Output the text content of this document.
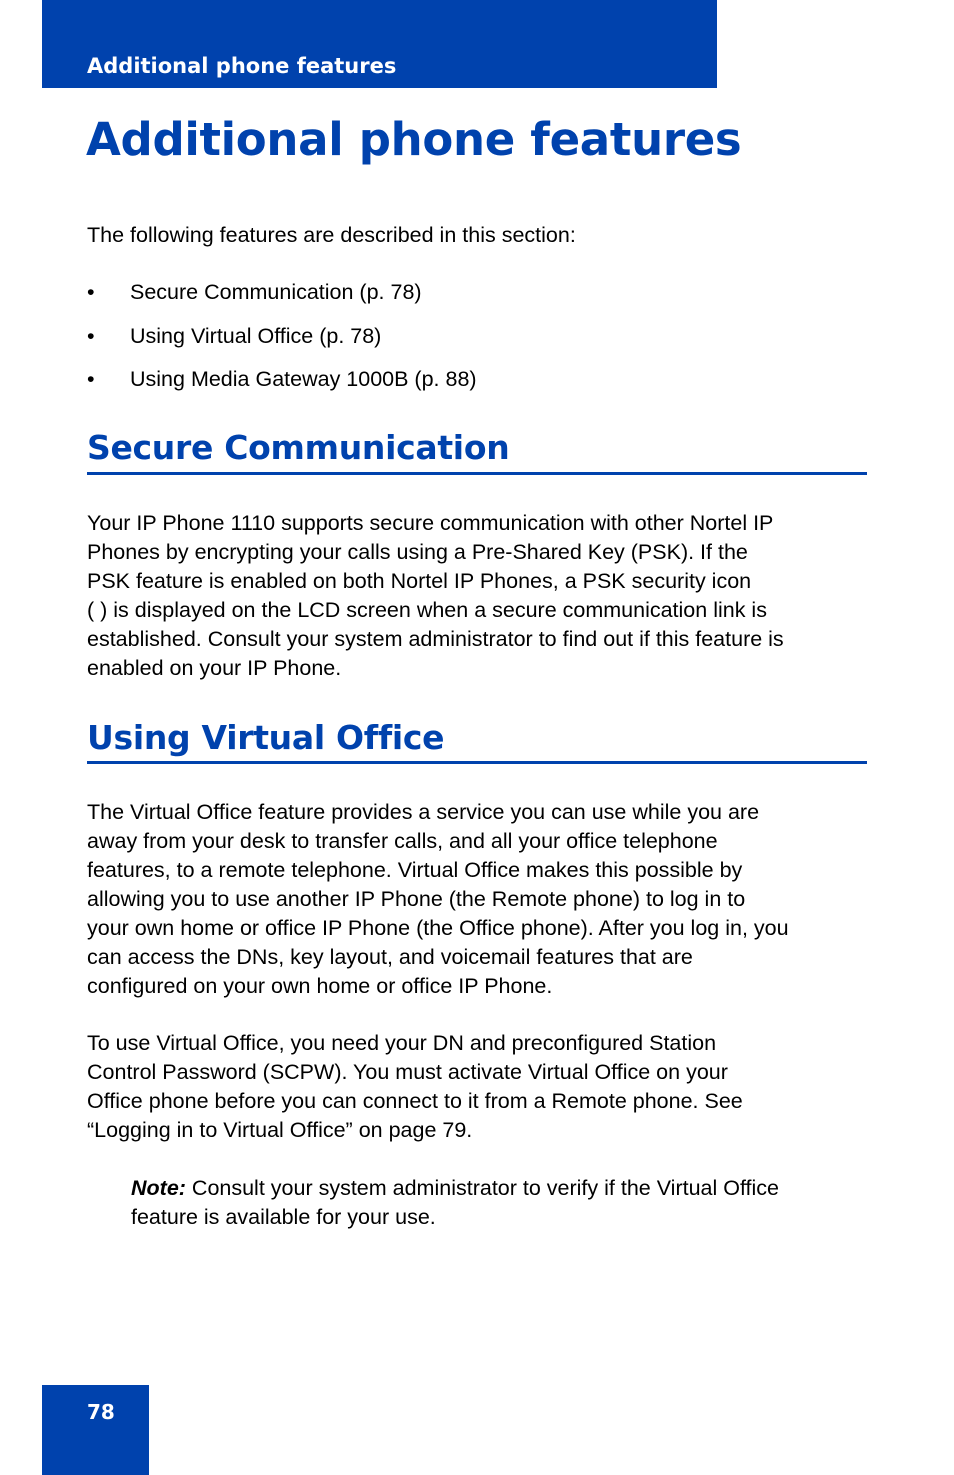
Additional phone features
Additional phone features
The following features are described in this section:
• Secure Communication (p. 78)
• Using Virtual Office (p. 78)
• Using Media Gateway 1000B (p. 88)
Secure Communication

Your IP Phone 1110 supports secure communication with other Nortel IP
Phones by encrypting your calls using a Pre-Shared Key (PSK). If the
PSK feature is enabled on both Nortel IP Phones, a PSK security icon
( ) is displayed on the LCD screen when a secure communication link is
established. Consult your system administrator to find out if this feature is
enabled on your IP Phone.

Using Virtual Office

The Virtual Office feature provides a service you can use while you are
away from your desk to transfer calls, and all your office telephone
features, to a remote telephone. Virtual Office makes this possible by
allowing you to use another IP Phone (the Remote phone) to log in to
your own home or office IP Phone (the Office phone). After you log in, you
can access the DNs, key layout, and voicemail features that are
configured on your own home or office IP Phone.

To use Virtual Office, you need your DN and preconfigured Station
Control Password (SCPW). You must activate Virtual Office on your
Office phone before you can connect to it from a Remote phone. See
“Logging in to Virtual Office” on page 79.

Note: Consult your system administrator to verify if the Virtual Office
feature is available for your use.

78
